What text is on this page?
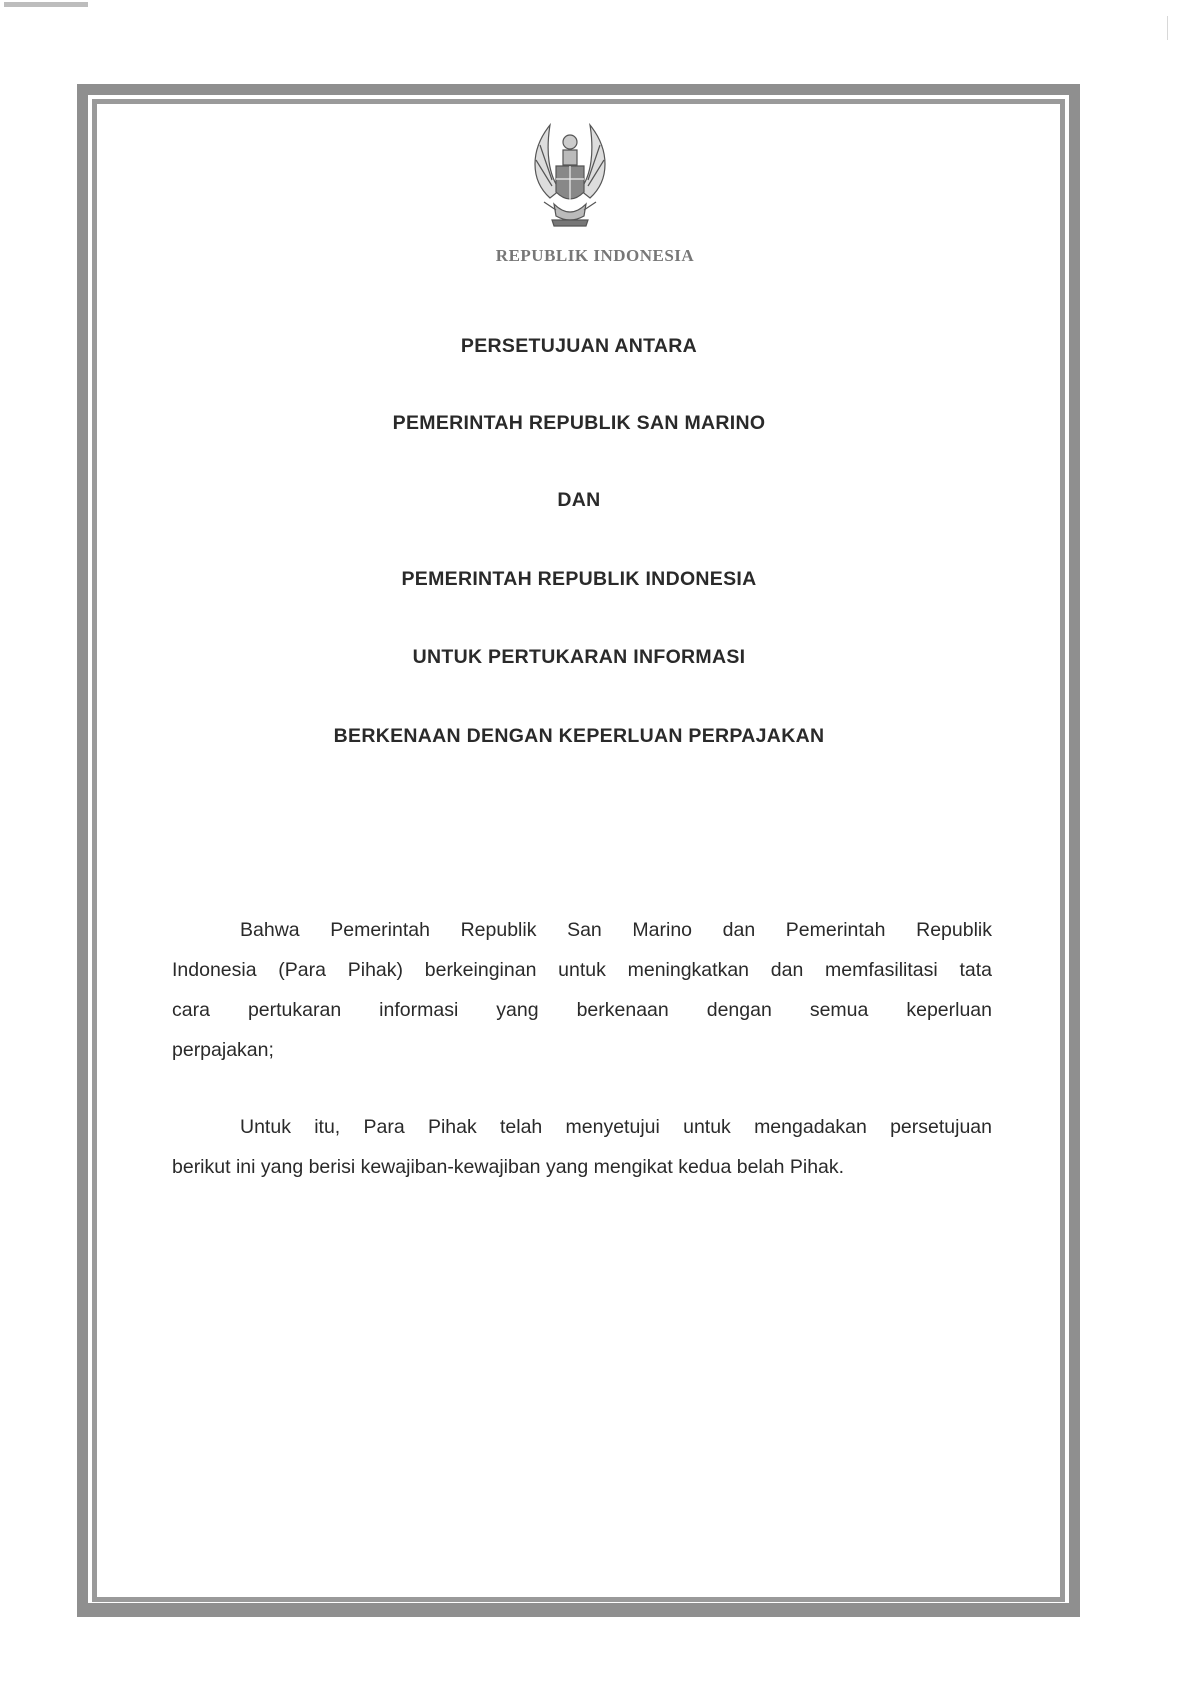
REPUBLIK INDONESIA
PERSETUJUAN ANTARA
PEMERINTAH REPUBLIK SAN MARINO
DAN
PEMERINTAH REPUBLIK INDONESIA
UNTUK PERTUKARAN INFORMASI
BERKENAAN DENGAN KEPERLUAN PERPAJAKAN
Bahwa Pemerintah Republik San Marino dan Pemerintah Republik
Indonesia (Para Pihak) berkeinginan untuk meningkatkan dan memfasilitasi tata
cara pertukaran informasi yang berkenaan dengan semua keperluan
perpajakan;
Untuk itu, Para Pihak telah menyetujui untuk mengadakan persetujuan
berikut ini yang berisi kewajiban-kewajiban yang mengikat kedua belah Pihak.
